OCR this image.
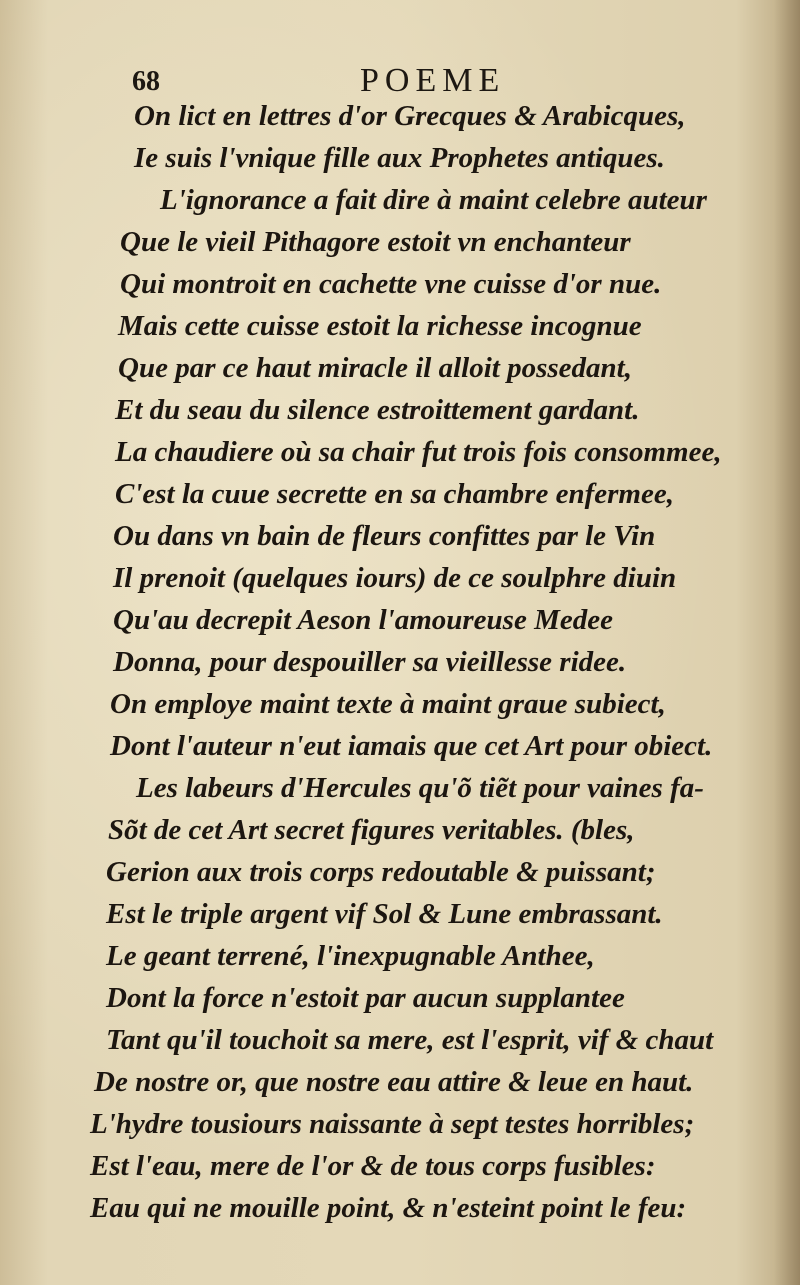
68	POEME
On lict en lettres d'or Grecques & Arabicques,
Ie suis l'vnique fille aux Prophetes antiques.
L'ignorance a fait dire à maint celebre auteur
Que le vieil Pithagore estoit vn enchanteur
Qui montroit en cachette vne cuisse d'or nue.
Mais cette cuisse estoit la richesse incognue
Que par ce haut miracle il alloit possedant,
Et du seau du silence estroittement gardant.
La chaudiere où sa chair fut trois fois consommee,
C'est la cuue secrette en sa chambre enfermee,
Ou dans vn bain de fleurs confittes par le Vin
Il prenoit (quelques iours) de ce soulphre diuin
Qu'au decrepit Aeson l'amoureuse Medee
Donna, pour despouiller sa vieillesse ridee.
On employe maint texte à maint graue subiect,
Dont l'auteur n'eut iamais que cet Art pour obiect.
Les labeurs d'Hercules qu'õ tiẽt pour vaines fa-
Sõt de cet Art secret figures veritables. (bles,
Gerion aux trois corps redoutable & puissant;
Est le triple argent vif Sol & Lune embrassant.
Le geant terrené, l'inexpugnable Anthee,
Dont la force n'estoit par aucun supplantee
Tant qu'il touchoit sa mere, est l'esprit, vif & chaut
De nostre or, que nostre eau attire & leue en haut.
L'hydre tousiours naissante à sept testes horribles;
Est l'eau, mere de l'or & de tous corps fusibles:
Eau qui ne mouille point, & n'esteint point le feu:
